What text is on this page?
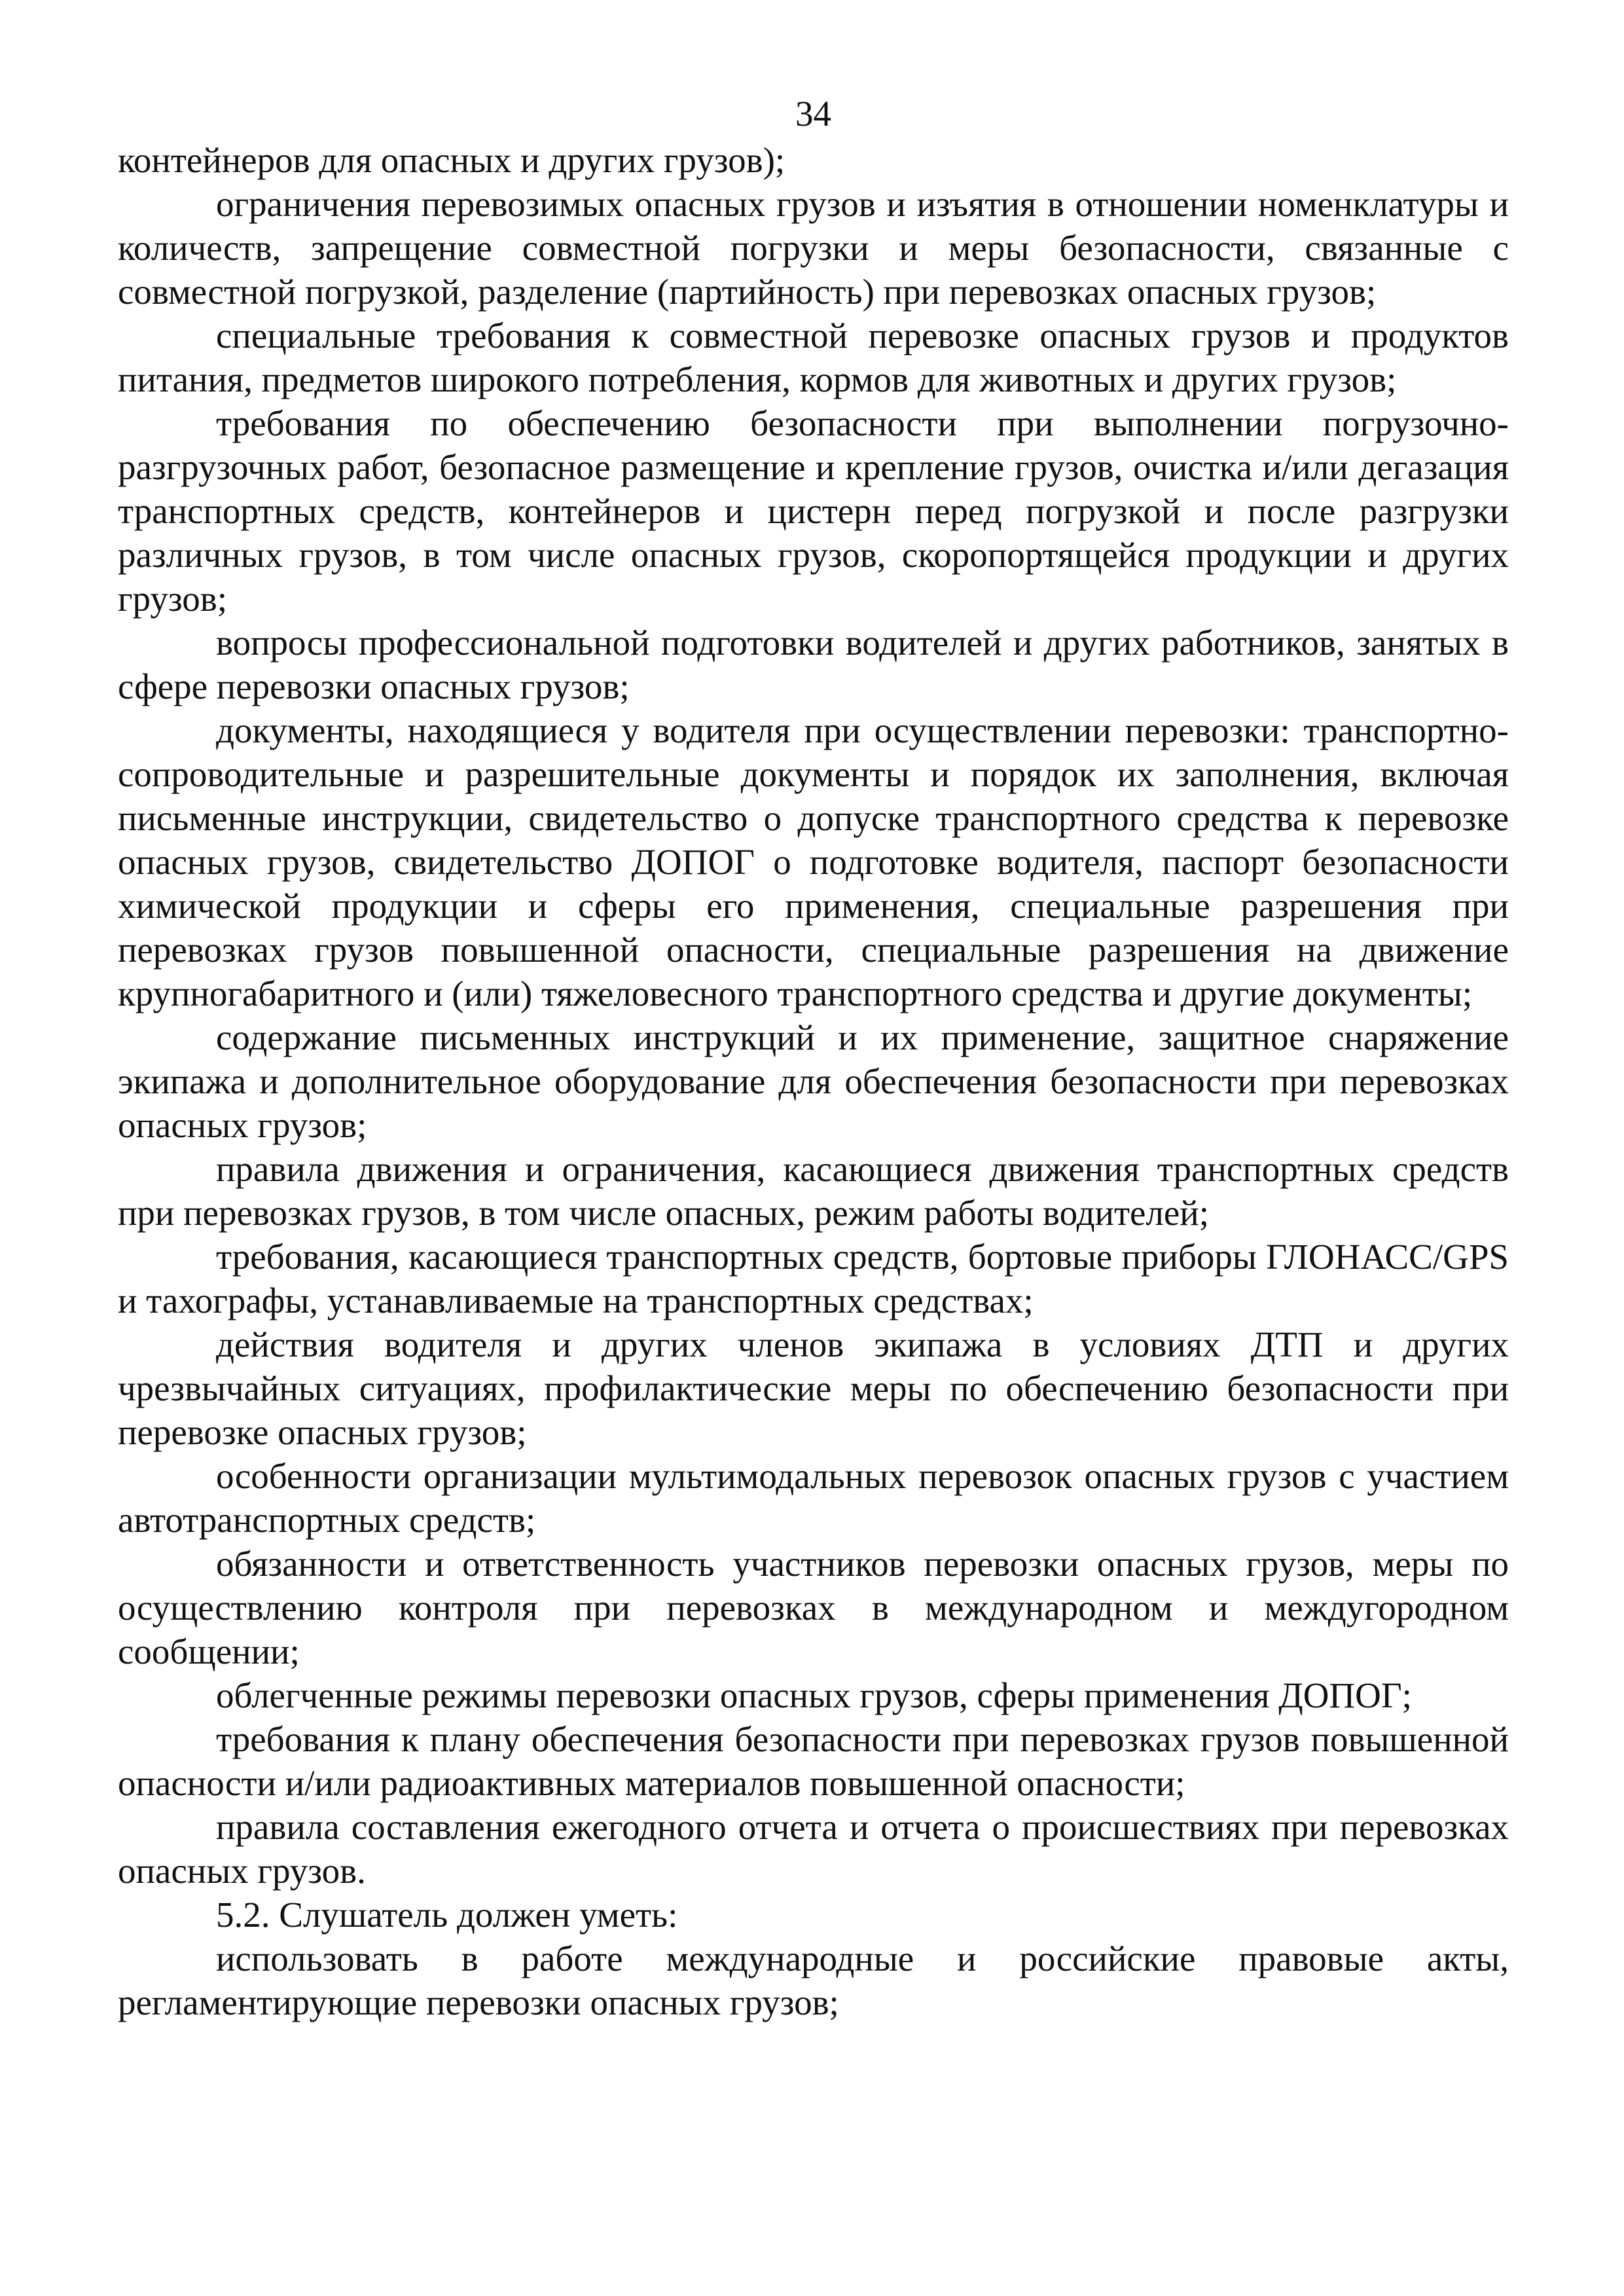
34

контейнеров для опасных и других грузов);

ограничения перевозимых опасных грузов и изъятия в отношении номенклатуры и количеств, запрещение совместной погрузки и меры безопасности, связанные с совместной погрузкой, разделение (партийность) при перевозках опасных грузов;

специальные требования к совместной перевозке опасных грузов и продуктов питания, предметов широкого потребления, кормов для животных и других грузов;

требования по обеспечению безопасности при выполнении погрузочно-разгрузочных работ, безопасное размещение и крепление грузов, очистка и/или дегазация транспортных средств, контейнеров и цистерн перед погрузкой и после разгрузки различных грузов, в том числе опасных грузов, скоропортящейся продукции и других грузов;

вопросы профессиональной подготовки водителей и других работников, занятых в сфере перевозки опасных грузов;

документы, находящиеся у водителя при осуществлении перевозки: транспортно-сопроводительные и разрешительные документы и порядок их заполнения, включая письменные инструкции, свидетельство о допуске транспортного средства к перевозке опасных грузов, свидетельство ДОПОГ о подготовке водителя, паспорт безопасности химической продукции и сферы его применения, специальные разрешения при перевозках грузов повышенной опасности, специальные разрешения на движение крупногабаритного и (или) тяжеловесного транспортного средства и другие документы;

содержание письменных инструкций и их применение, защитное снаряжение экипажа и дополнительное оборудование для обеспечения безопасности при перевозках опасных грузов;

правила движения и ограничения, касающиеся движения транспортных средств при перевозках грузов, в том числе опасных, режим работы водителей;

требования, касающиеся транспортных средств, бортовые приборы ГЛОНАСС/GPS и тахографы, устанавливаемые на транспортных средствах;

действия водителя и других членов экипажа в условиях ДТП и других чрезвычайных ситуациях, профилактические меры по обеспечению безопасности при перевозке опасных грузов;

особенности организации мультимодальных перевозок опасных грузов с участием автотранспортных средств;

обязанности и ответственность участников перевозки опасных грузов, меры по осуществлению контроля при перевозках в международном и междугородном сообщении;

облегченные режимы перевозки опасных грузов, сферы применения ДОПОГ;

требования к плану обеспечения безопасности при перевозках грузов повышенной опасности и/или радиоактивных материалов повышенной опасности;

правила составления ежегодного отчета и отчета о происшествиях при перевозках опасных грузов.

5.2. Слушатель должен уметь:

использовать в работе международные и российские правовые акты, регламентирующие перевозки опасных грузов;
